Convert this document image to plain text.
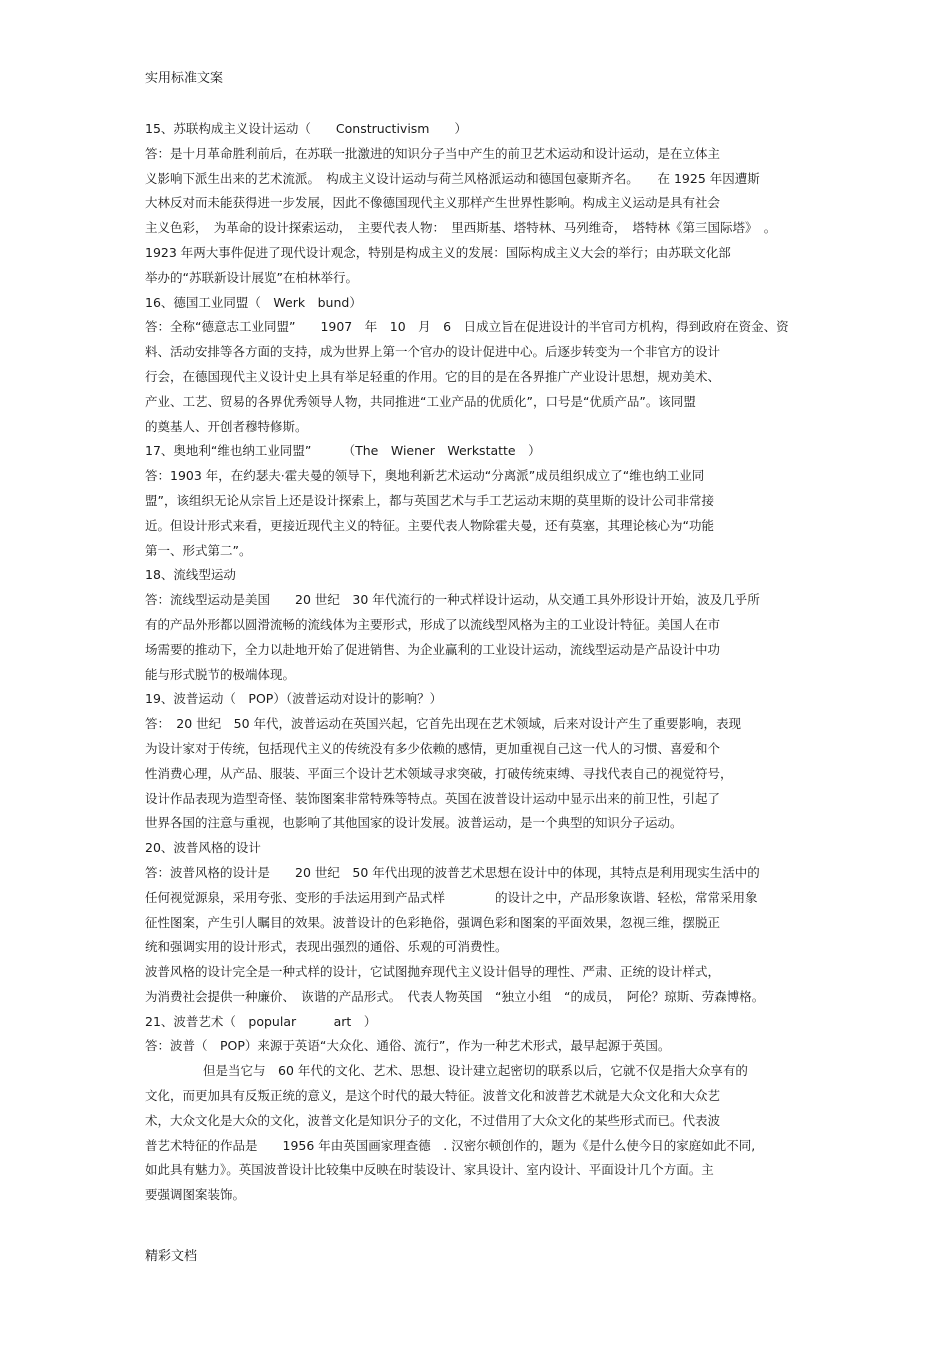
实用标准文案
15、苏联构成主义设计运动（　　Constructivism　　）
答：是十月革命胜利前后，在苏联一批激进的知识分子当中产生的前卫艺术运动和设计运动，是在立体主
义影响下派生出来的艺术流派。　构成主义设计运动与荷兰风格派运动和德国包豪斯齐名。　　在 1925 年因遭斯
大林反对而未能获得进一步发展，因此不像德国现代主义那样产生世界性影响。构成主义运动是具有社会
主义色彩，　为革命的设计探索运动，　主要代表人物：　里西斯基、塔特林、马列维奇，　塔特林《第三国际塔》　。
1923 年两大事件促进了现代设计观念，特别是构成主义的发展：国际构成主义大会的举行；由苏联文化部
举办的“苏联新设计展览”在柏林举行。
16、德国工业同盟（　Werk　bund）
答：全称“德意志工业同盟”　　1907　年　10　月　6　日成立旨在促进设计的半官司方机构，得到政府在资金、资
料、活动安排等各方面的支持，成为世界上第一个官办的设计促进中心。后逐步转变为一个非官方的设计
行会，在德国现代主义设计史上具有举足轻重的作用。它的目的是在各界推广产业设计思想，规劝美术、
产业、工艺、贸易的各界优秀领导人物，共同推进“工业产品的优质化”，口号是“优质产品”。该同盟
的奠基人、开创者穆特修斯。
17、奥地利“维也纳工业同盟”　　　（The　Wiener　Werkstatte　）
答：1903 年，在约瑟夫·霍夫曼的领导下，奥地利新艺术运动“分离派”成员组织成立了“维也纳工业同
盟”，该组织无论从宗旨上还是设计探索上，都与英国艺术与手工艺运动末期的莫里斯的设计公司非常接
近。但设计形式来看，更接近现代主义的特征。主要代表人物除霍夫曼，还有莫塞，其理论核心为“功能
第一、形式第二”。
18、流线型运动
答：流线型运动是美国　　20 世纪　30 年代流行的一种式样设计运动，从交通工具外形设计开始，波及几乎所
有的产品外形都以圆滑流畅的流线体为主要形式，形成了以流线型风格为主的工业设计特征。美国人在市
场需要的推动下，全力以赴地开始了促进销售、为企业赢利的工业设计运动，流线型运动是产品设计中功
能与形式脱节的极端体现。
19、波普运动（　POP）（波普运动对设计的影响？）
答：　20 世纪　50 年代，波普运动在英国兴起，它首先出现在艺术领域，后来对设计产生了重要影响，表现
为设计家对于传统，包括现代主义的传统没有多少依赖的感情，更加重视自己这一代人的习惯、喜爱和个
性消费心理，从产品、服装、平面三个设计艺术领域寻求突破，打破传统束缚、寻找代表自己的视觉符号，
设计作品表现为造型奇怪、装饰图案非常特殊等特点。英国在波普设计运动中显示出来的前卫性，引起了
世界各国的注意与重视，也影响了其他国家的设计发展。波普运动，是一个典型的知识分子运动。
20、波普风格的设计
答：波普风格的设计是　　20 世纪　50 年代出现的波普艺术思想在设计中的体现，其特点是利用现实生活中的
任何视觉源泉，采用夸张、变形的手法运用到产品式样　　　　的设计之中，产品形象诙谐、轻松，常常采用象
征性图案，产生引人瞩目的效果。波普设计的色彩艳俗，强调色彩和图案的平面效果，忽视三维，摆脱正
统和强调实用的设计形式，表现出强烈的通俗、乐观的可消费性。
波普风格的设计完全是一种式样的设计，它试图抛弃现代主义设计倡导的理性、严肃、正统的设计样式，
为消费社会提供一种廉价、　诙谐的产品形式。　代表人物英国　“独立小组　“的成员，　阿伦？琼斯、劳森博格。
21、波普艺术（　popular　　　art　）
答：波普（　POP）来源于英语“大众化、通俗、流行”，作为一种艺术形式，最早起源于英国。
但是当它与　60 年代的文化、艺术、思想、设计建立起密切的联系以后，它就不仅是指大众享有的
文化，而更加具有反叛正统的意义，是这个时代的最大特征。波普文化和波普艺术就是大众文化和大众艺
术，大众文化是大众的文化，波普文化是知识分子的文化，不过借用了大众文化的某些形式而已。代表波
普艺术特征的作品是　　1956 年由英国画家理查德　. 汉密尔顿创作的，题为《是什么使今日的家庭如此不同,
如此具有魅力》。英国波普设计比较集中反映在时装设计、家具设计、室内设计、平面设计几个方面。主
要强调图案装饰。
精彩文档
